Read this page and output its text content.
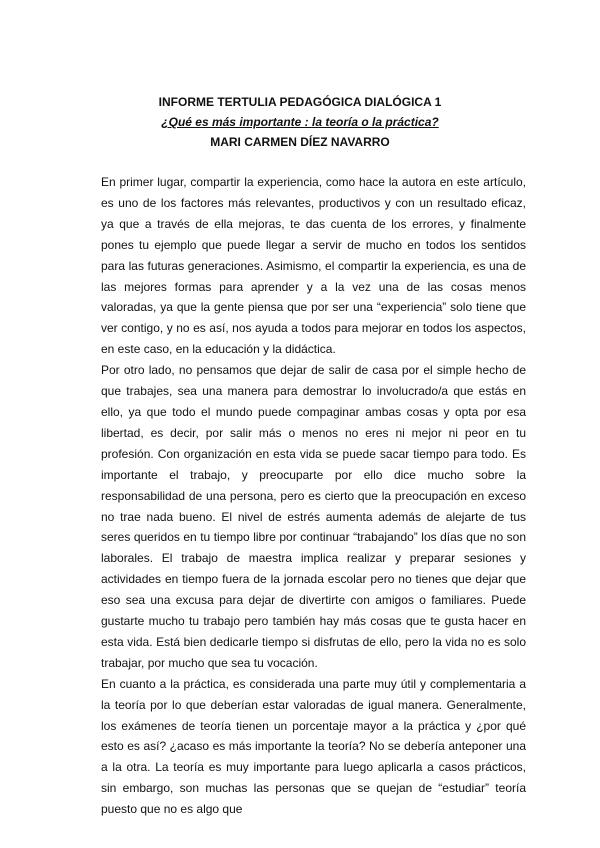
INFORME TERTULIA PEDAGÓGICA DIALÓGICA 1
¿Qué es más importante : la teoría o la práctica?
MARI CARMEN DÍEZ NAVARRO

En primer lugar, compartir la experiencia, como hace la autora en este artículo, es uno de los factores más relevantes, productivos y con un resultado eficaz, ya que a través de ella mejoras, te das cuenta de los errores, y finalmente pones tu ejemplo que puede llegar a servir de mucho en todos los sentidos para las futuras generaciones. Asimismo, el compartir la experiencia, es una de las mejores formas para aprender y a la vez una de las cosas menos valoradas, ya que la gente piensa que por ser una “experiencia” solo tiene que ver contigo, y no es así, nos ayuda a todos para mejorar en todos los aspectos, en este caso, en la educación y la didáctica.

Por otro lado, no pensamos que dejar de salir de casa por el simple hecho de que trabajes, sea una manera para demostrar lo involucrado/a que estás en ello, ya que todo el mundo puede compaginar ambas cosas y opta por esa libertad, es decir, por salir más o menos no eres ni mejor ni peor en tu profesión. Con organización en esta vida se puede sacar tiempo para todo. Es importante el trabajo, y preocuparte por ello dice mucho sobre la responsabilidad de una persona, pero es cierto que la preocupación en exceso no trae nada bueno. El nivel de estrés aumenta además de alejarte de tus seres queridos en tu tiempo libre por continuar “trabajando” los días que no son laborales. El trabajo de maestra implica realizar y preparar sesiones y actividades en tiempo fuera de la jornada escolar pero no tienes que dejar que eso sea una excusa para dejar de divertirte con amigos o familiares. Puede gustarte mucho tu trabajo pero también hay más cosas que te gusta hacer en esta vida. Está bien dedicarle tiempo si disfrutas de ello, pero la vida no es solo trabajar, por mucho que sea tu vocación.

En cuanto a la práctica, es considerada una parte muy útil y complementaria a la teoría por lo que deberían estar valoradas de igual manera. Generalmente, los exámenes de teoría tienen un porcentaje mayor a la práctica y ¿por qué esto es así? ¿acaso es más importante la teoría? No se debería anteponer una a la otra. La teoría es muy importante para luego aplicarla a casos prácticos, sin embargo, son muchas las personas que se quejan de “estudiar” teoría puesto que no es algo que
